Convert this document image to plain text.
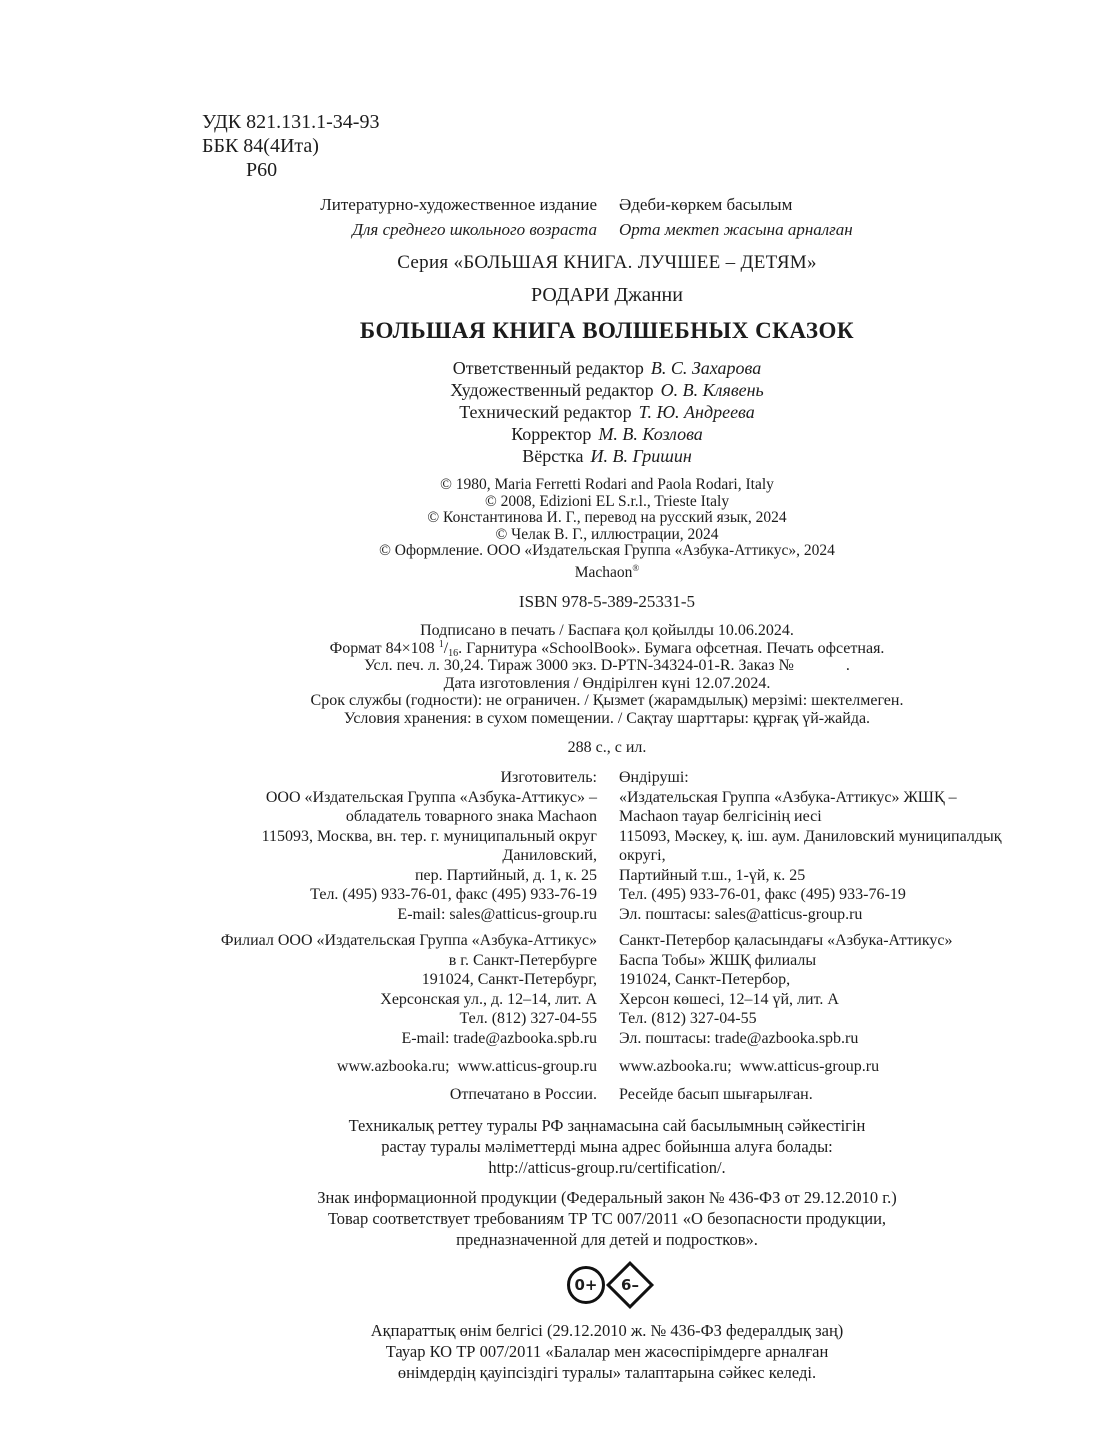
УДК 821.131.1-34-93
ББК 84(4Ита)
Р60
Литературно-художественное издание Әдеби-көркем басылым
Для среднего школьного возраста Орта мектеп жасына арналған
Серия «БОЛЬШАЯ КНИГА. ЛУЧШЕЕ – ДЕТЯМ»
РОДАРИ Джанни
БОЛЬШАЯ КНИГА ВОЛШЕБНЫХ СКАЗОК
Ответственный редактор В. С. Захарова
Художественный редактор О. В. Клявень
Технический редактор Т. Ю. Андреева
Корректор М. В. Козлова
Вёрстка И. В. Гришин
© 1980, Maria Ferretti Rodari and Paola Rodari, Italy
© 2008, Edizioni EL S.r.l., Trieste Italy
© Константинова И. Г., перевод на русский язык, 2024
© Челак В. Г., иллюстрации, 2024
© Оформление. ООО «Издательская Группа «Азбука-Аттикус», 2024
Machaon®
ISBN 978-5-389-25331-5
Подписано в печать / Баспаға қол қойылды 10.06.2024.
Формат 84×108 $^1/_{16}$. Гарнитура «SchoolBook». Бумага офсетная. Печать офсетная.
Усл. печ. л. 30,24. Тираж 3000 экз. D-PTN-34324-01-R. Заказ №             .
Дата изготовления / Өндірілген күні 12.07.2024.
Срок службы (годности): не ограничен. / Қызмет (жарамдылық) мерзімі: шектелмеген.
Условия хранения: в сухом помещении. / Сақтау шарттары: құрғақ үй-жайда.
288 с., с ил.
Изготовитель:
ООО «Издательская Группа «Азбука-Аттикус» –
обладатель товарного знака Machaon
115093, Москва, вн. тер. г. муниципальный округ Даниловский,
пер. Партийный, д. 1, к. 25
Тел. (495) 933-76-01, факс (495) 933-76-19
E-mail: sales@atticus-group.ru
Өндіруші:
«Издательская Группа «Азбука-Аттикус» ЖШҚ –
Machaon тауар белгісінің иесі
115093, Мәскеу, қ. іш. аум. Даниловский муниципалдық округі,
Партийный т.ш., 1-үй, к. 25
Тел. (495) 933-76-01, факс (495) 933-76-19
Эл. поштасы: sales@atticus-group.ru
Филиал ООО «Издательская Группа «Азбука-Аттикус»
в г. Санкт-Петербурге
191024, Санкт-Петербург,
Херсонская ул., д. 12–14, лит. А
Тел. (812) 327-04-55
E-mail: trade@azbooka.spb.ru
Санкт-Петербор қаласындағы «Азбука-Аттикус»
Баспа Тобы» ЖШҚ филиалы
191024, Санкт-Петербор,
Херсон көшесі, 12–14 үй, лит. А
Тел. (812) 327-04-55
Эл. поштасы: trade@azbooka.spb.ru
www.azbooka.ru;  www.atticus-group.ru www.azbooka.ru;  www.atticus-group.ru
Отпечатано в России. Ресейде басып шығарылған.
Техникалық реттеу туралы РФ заңнамасына сай басылымның сәйкестігін
растау туралы мәліметтерді мына адрес бойынша алуға болады:
http://atticus-group.ru/certification/.
Знак информационной продукции (Федеральный закон № 436-ФЗ от 29.12.2010 г.)
Товар соответствует требованиям ТР ТС 007/2011 «О безопасности продукции,
предназначенной для детей и подростков».
0+ 6–
Ақпараттық өнім белгісі (29.12.2010 ж. № 436-ФЗ федералдық заң)
Тауар КО ТР 007/2011 «Балалар мен жасөспірімдерге арналған
өнімдердің қауіпсіздігі туралы» талаптарына сәйкес келеді.
